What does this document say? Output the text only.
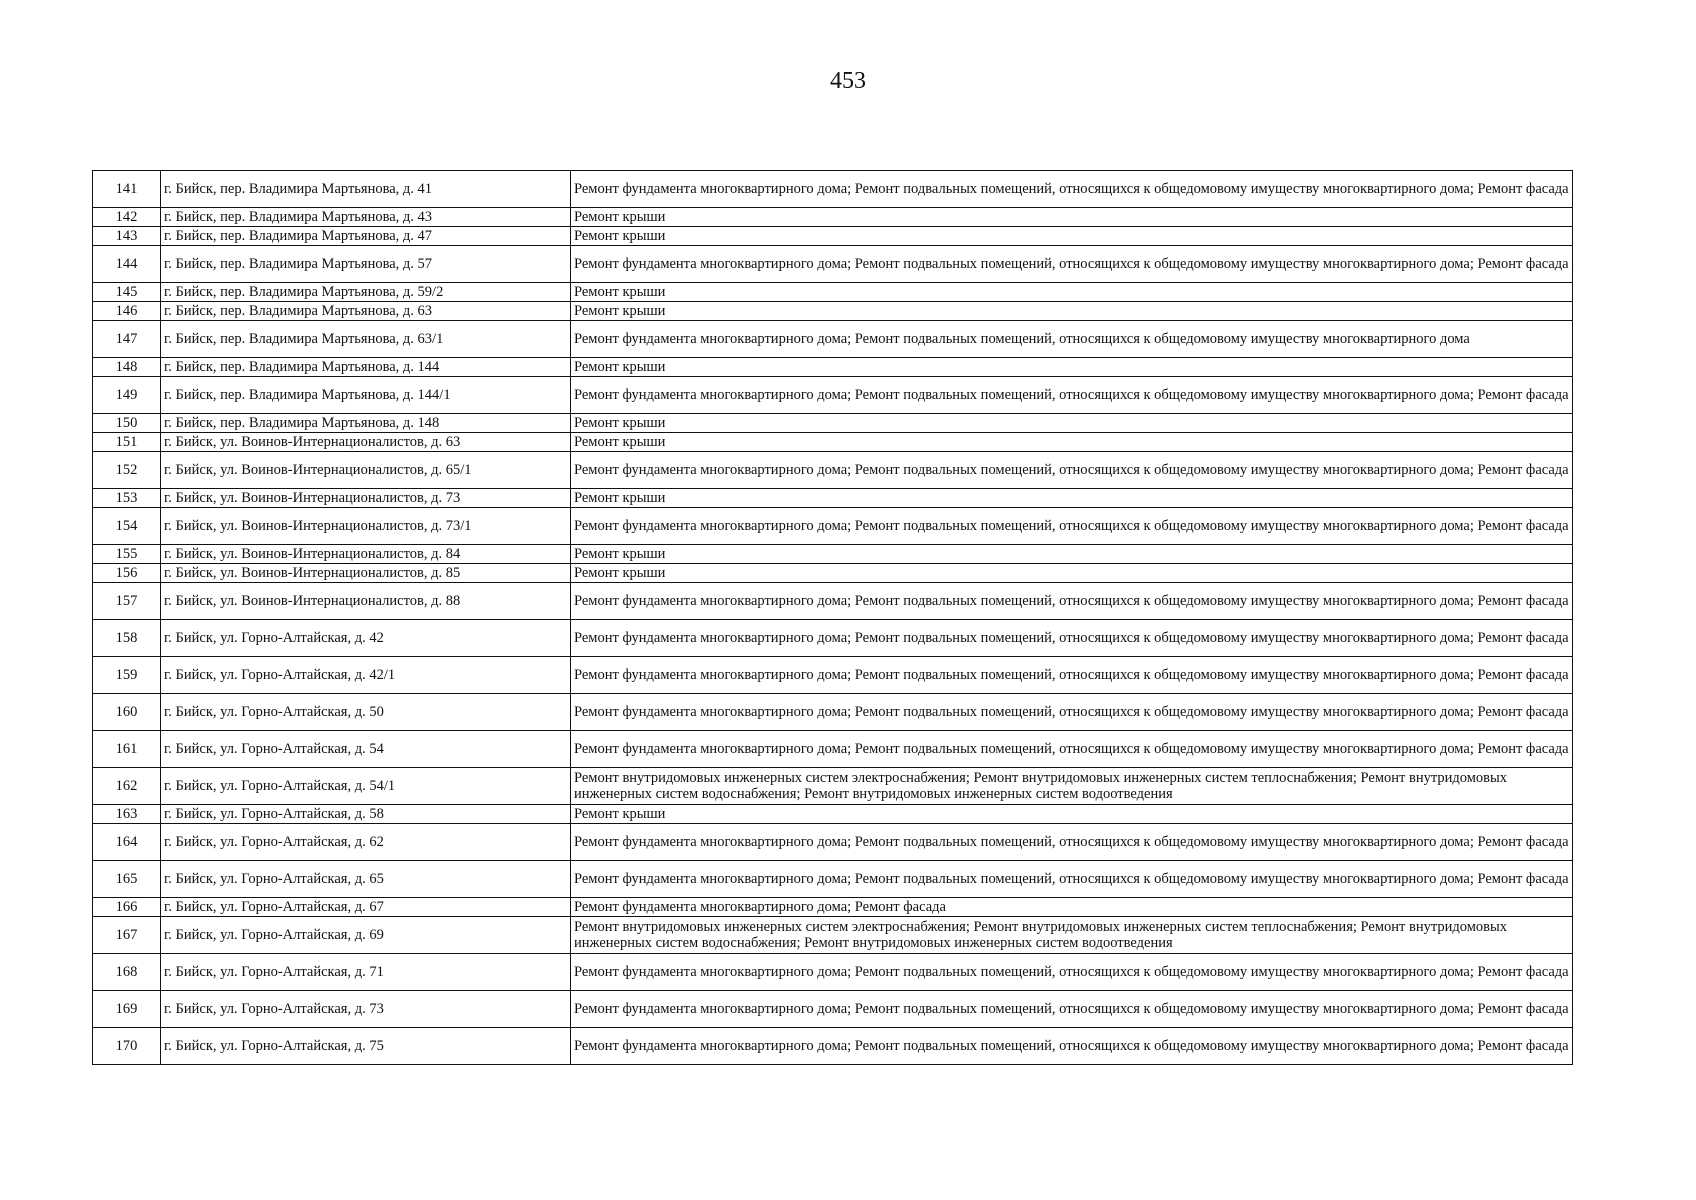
453
141	г. Бийск, пер. Владимира Мартьянова, д. 41	Ремонт фундамента многоквартирного дома; Ремонт подвальных помещений, относящихся к общедомовому имуществу многоквартирного дома; Ремонт фасада
142	г. Бийск, пер. Владимира Мартьянова, д. 43	Ремонт крыши
143	г. Бийск, пер. Владимира Мартьянова, д. 47	Ремонт крыши
144	г. Бийск, пер. Владимира Мартьянова, д. 57	Ремонт фундамента многоквартирного дома; Ремонт подвальных помещений, относящихся к общедомовому имуществу многоквартирного дома; Ремонт фасада
145	г. Бийск, пер. Владимира Мартьянова, д. 59/2	Ремонт крыши
146	г. Бийск, пер. Владимира Мартьянова, д. 63	Ремонт крыши
147	г. Бийск, пер. Владимира Мартьянова, д. 63/1	Ремонт фундамента многоквартирного дома; Ремонт подвальных помещений, относящихся к общедомовому имуществу многоквартирного дома
148	г. Бийск, пер. Владимира Мартьянова, д. 144	Ремонт крыши
149	г. Бийск, пер. Владимира Мартьянова, д. 144/1	Ремонт фундамента многоквартирного дома; Ремонт подвальных помещений, относящихся к общедомовому имуществу многоквартирного дома; Ремонт фасада
150	г. Бийск, пер. Владимира Мартьянова, д. 148	Ремонт крыши
151	г. Бийск, ул. Воинов-Интернационалистов, д. 63	Ремонт крыши
152	г. Бийск, ул. Воинов-Интернационалистов, д. 65/1	Ремонт фундамента многоквартирного дома; Ремонт подвальных помещений, относящихся к общедомовому имуществу многоквартирного дома; Ремонт фасада
153	г. Бийск, ул. Воинов-Интернационалистов, д. 73	Ремонт крыши
154	г. Бийск, ул. Воинов-Интернационалистов, д. 73/1	Ремонт фундамента многоквартирного дома; Ремонт подвальных помещений, относящихся к общедомовому имуществу многоквартирного дома; Ремонт фасада
155	г. Бийск, ул. Воинов-Интернационалистов, д. 84	Ремонт крыши
156	г. Бийск, ул. Воинов-Интернационалистов, д. 85	Ремонт крыши
157	г. Бийск, ул. Воинов-Интернационалистов, д. 88	Ремонт фундамента многоквартирного дома; Ремонт подвальных помещений, относящихся к общедомовому имуществу многоквартирного дома; Ремонт фасада
158	г. Бийск, ул. Горно-Алтайская, д. 42	Ремонт фундамента многоквартирного дома; Ремонт подвальных помещений, относящихся к общедомовому имуществу многоквартирного дома; Ремонт фасада
159	г. Бийск, ул. Горно-Алтайская, д. 42/1	Ремонт фундамента многоквартирного дома; Ремонт подвальных помещений, относящихся к общедомовому имуществу многоквартирного дома; Ремонт фасада
160	г. Бийск, ул. Горно-Алтайская, д. 50	Ремонт фундамента многоквартирного дома; Ремонт подвальных помещений, относящихся к общедомовому имуществу многоквартирного дома; Ремонт фасада
161	г. Бийск, ул. Горно-Алтайская, д. 54	Ремонт фундамента многоквартирного дома; Ремонт подвальных помещений, относящихся к общедомовому имуществу многоквартирного дома; Ремонт фасада
162	г. Бийск, ул. Горно-Алтайская, д. 54/1	Ремонт внутридомовых инженерных систем электроснабжения; Ремонт внутридомовых инженерных систем теплоснабжения; Ремонт внутридомовых инженерных систем водоснабжения; Ремонт внутридомовых инженерных систем водоотведения
163	г. Бийск, ул. Горно-Алтайская, д. 58	Ремонт крыши
164	г. Бийск, ул. Горно-Алтайская, д. 62	Ремонт фундамента многоквартирного дома; Ремонт подвальных помещений, относящихся к общедомовому имуществу многоквартирного дома; Ремонт фасада
165	г. Бийск, ул. Горно-Алтайская, д. 65	Ремонт фундамента многоквартирного дома; Ремонт подвальных помещений, относящихся к общедомовому имуществу многоквартирного дома; Ремонт фасада
166	г. Бийск, ул. Горно-Алтайская, д. 67	Ремонт фундамента многоквартирного дома; Ремонт фасада
167	г. Бийск, ул. Горно-Алтайская, д. 69	Ремонт внутридомовых инженерных систем электроснабжения; Ремонт внутридомовых инженерных систем теплоснабжения; Ремонт внутридомовых инженерных систем водоснабжения; Ремонт внутридомовых инженерных систем водоотведения
168	г. Бийск, ул. Горно-Алтайская, д. 71	Ремонт фундамента многоквартирного дома; Ремонт подвальных помещений, относящихся к общедомовому имуществу многоквартирного дома; Ремонт фасада
169	г. Бийск, ул. Горно-Алтайская, д. 73	Ремонт фундамента многоквартирного дома; Ремонт подвальных помещений, относящихся к общедомовому имуществу многоквартирного дома; Ремонт фасада
170	г. Бийск, ул. Горно-Алтайская, д. 75	Ремонт фундамента многоквартирного дома; Ремонт подвальных помещений, относящихся к общедомовому имуществу многоквартирного дома; Ремонт фасада
